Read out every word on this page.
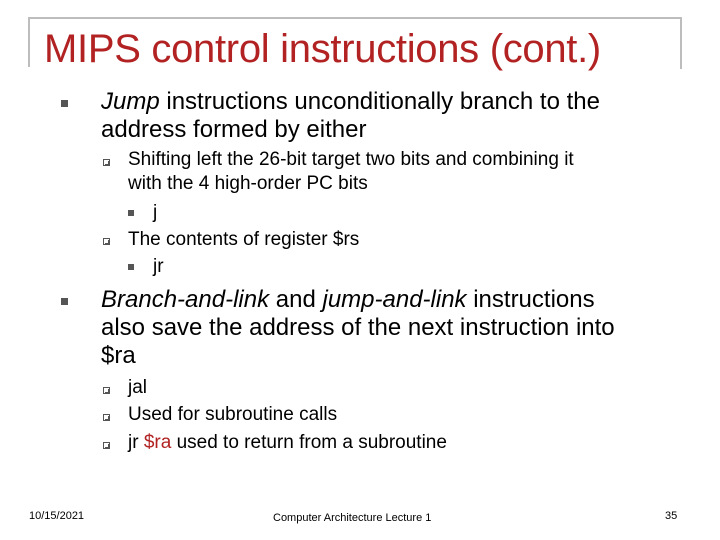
MIPS control instructions (cont.)
Jump instructions unconditionally branch to the
address formed by either
Shifting left the 26-bit target two bits and combining it
with the 4 high-order PC bits
j
The contents of register $rs
jr
Branch-and-link and jump-and-link instructions
also save the address of the next instruction into
$ra
jal
Used for subroutine calls
jr $ra used to return from a subroutine
10/15/2021	Computer Architecture Lecture 1	35
